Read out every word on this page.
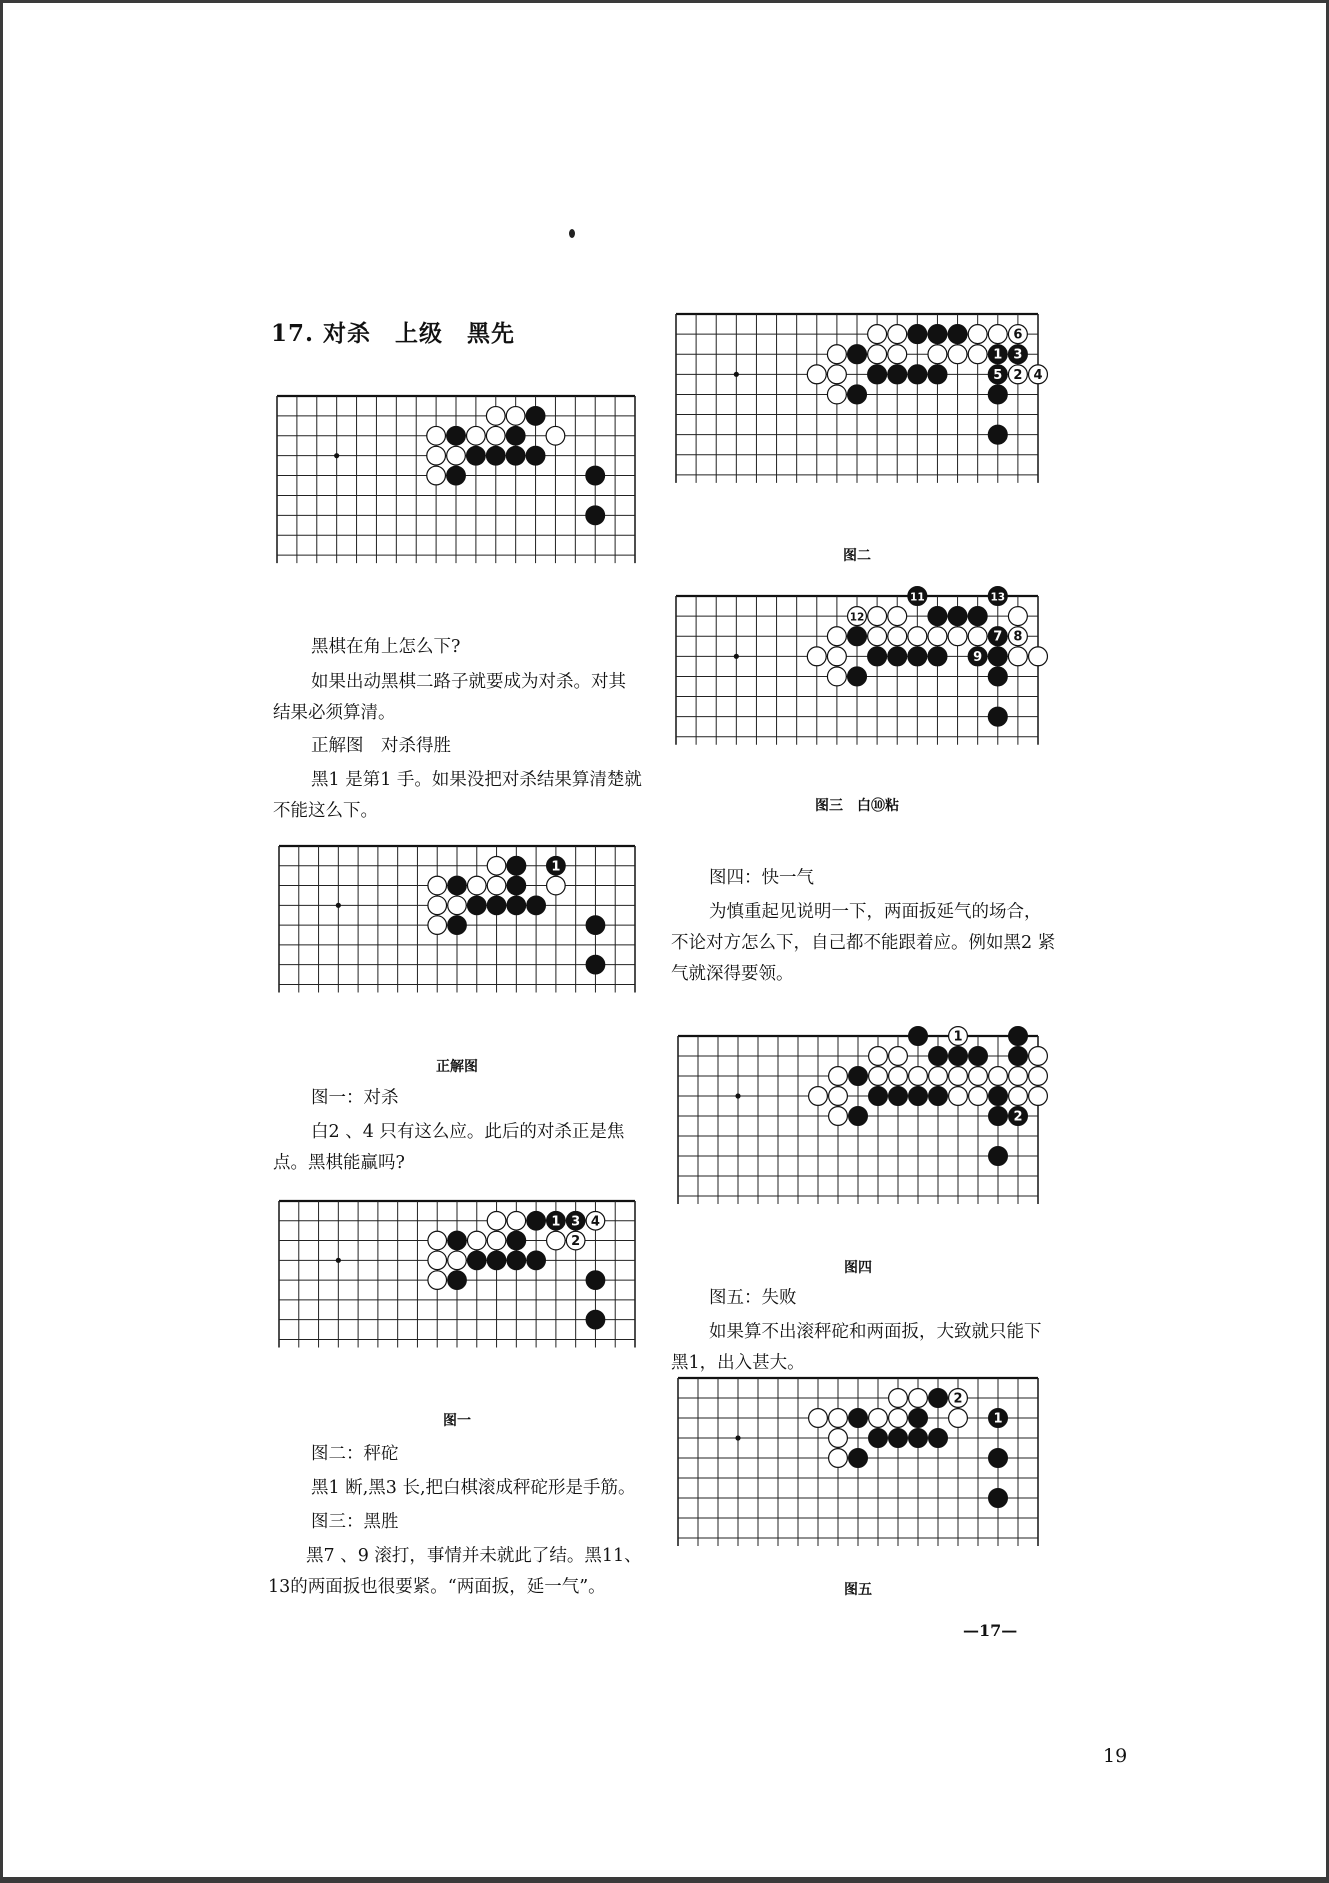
17. 对杀　上级　黑先

黑棋在角上怎么下?

如果出动黑棋二路子就要成为对杀。对其结果必须算清。

正解图　对杀得胜

黑1 是第1 手。如果没把对杀结果算清楚就不能这么下。

1
正解图

图一：对杀

白2 、4 只有这么应。此后的对杀正是焦点。黑棋能赢吗?

1
2
3 4
图一

图二：秤砣

黑1 断,黑3 长,把白棋滚成秤砣形是手筋。

图三：黑胜

黑7 、9 滚打，事情并未就此了结。黑11、13的两面扳也很要紧。“两面扳，延一气”。

6
1 3
5 2 4
图二
11	13
12
7 8
9
图三　白⑩粘

图四：快一气

为慎重起见说明一下，两面扳延气的场合，不论对方怎么下，自己都不能跟着应。例如黑2 紧气就深得要领。

1
2
图四

图五：失败

如果算不出滚秤砣和两面扳，大致就只能下黑1，出入甚大。

2
1
图五
—17—
19
